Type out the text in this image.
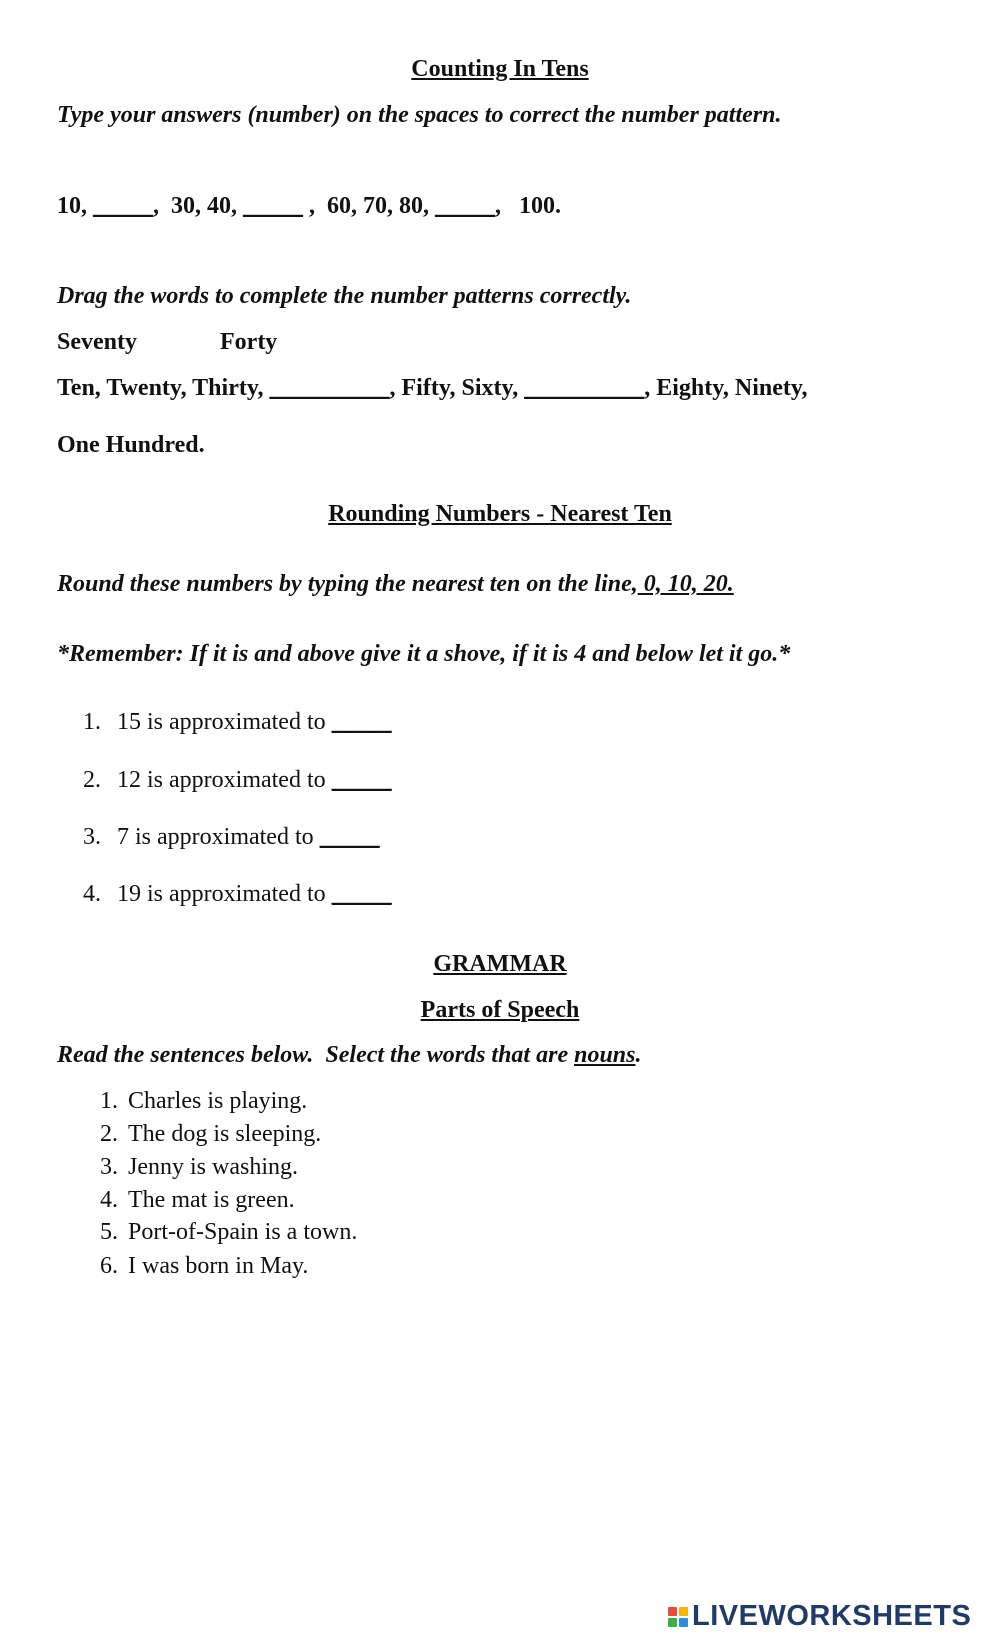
Counting In Tens
Type your answers (number) on the spaces to correct the number pattern.
10, _____,  30, 40, _____ ,  60, 70, 80, _____,   100.
Drag the words to complete the number patterns correctly.
Seventy	Forty
Ten, Twenty, Thirty, __________, Fifty, Sixty, __________, Eighty, Ninety,
One Hundred.
Rounding Numbers - Nearest Ten
Round these numbers by typing the nearest ten on the line, 0, 10, 20.
*Remember: If it is and above give it a shove, if it is 4 and below let it go.*
1. 15 is approximated to _____
2. 12 is approximated to _____
3. 7 is approximated to _____
4. 19 is approximated to _____
GRAMMAR
Parts of Speech
Read the sentences below.  Select the words that are nouns.
1. Charles is playing.
2. The dog is sleeping.
3. Jenny is washing.
4. The mat is green.
5. Port-of-Spain is a town.
6. I was born in May.
LIVEWORKSHEETS
